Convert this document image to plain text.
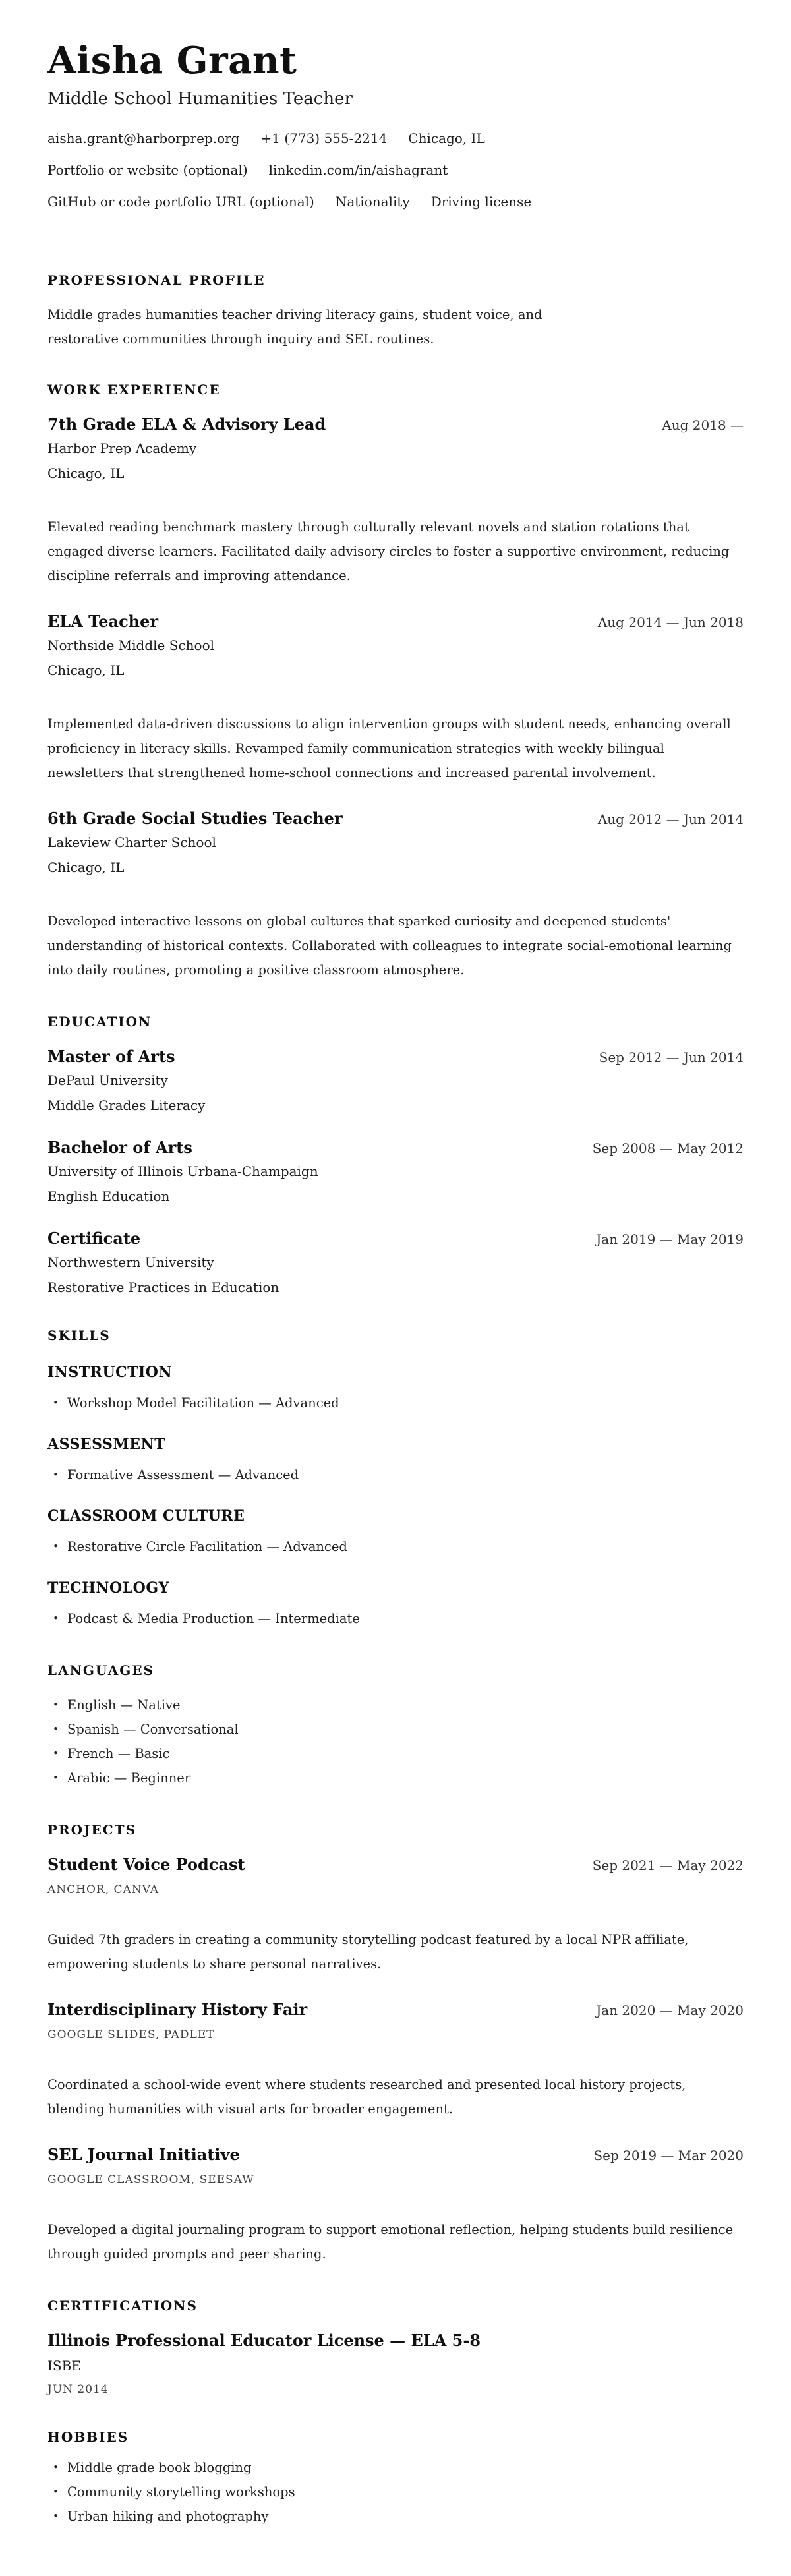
Aisha Grant
Middle School Humanities Teacher
aisha.grant@harborprep.org +1 (773) 555-2214 Chicago, IL
Portfolio or website (optional) linkedin.com/in/aishagrant
GitHub or code portfolio URL (optional) Nationality Driving license
PROFESSIONAL PROFILE

Middle grades humanities teacher driving literacy gains, student voice, and restorative communities through inquiry and SEL routines.

WORK EXPERIENCE
7th Grade ELA & Advisory Lead	Aug 2018 —
Harbor Prep Academy
Chicago, IL

Elevated reading benchmark mastery through culturally relevant novels and station rotations that engaged diverse learners. Facilitated daily advisory circles to foster a supportive environment, reducing discipline referrals and improving attendance.

ELA Teacher	Aug 2014 — Jun 2018
Northside Middle School
Chicago, IL

Implemented data-driven discussions to align intervention groups with student needs, enhancing overall proficiency in literacy skills. Revamped family communication strategies with weekly bilingual newsletters that strengthened home-school connections and increased parental involvement.

6th Grade Social Studies Teacher	Aug 2012 — Jun 2014
Lakeview Charter School
Chicago, IL

Developed interactive lessons on global cultures that sparked curiosity and deepened students' understanding of historical contexts. Collaborated with colleagues to integrate social-emotional learning into daily routines, promoting a positive classroom atmosphere.

EDUCATION
Master of Arts	Sep 2012 — Jun 2014
DePaul University
Middle Grades Literacy
Bachelor of Arts	Sep 2008 — May 2012
University of Illinois Urbana-Champaign
English Education
Certificate	Jan 2019 — May 2019
Northwestern University
Restorative Practices in Education
SKILLS
INSTRUCTION
• Workshop Model Facilitation — Advanced
ASSESSMENT
• Formative Assessment — Advanced
CLASSROOM CULTURE
• Restorative Circle Facilitation — Advanced
TECHNOLOGY
• Podcast & Media Production — Intermediate
LANGUAGES
• English — Native
• Spanish — Conversational
• French — Basic
• Arabic — Beginner
PROJECTS
Student Voice Podcast	Sep 2021 — May 2022
ANCHOR, CANVA

Guided 7th graders in creating a community storytelling podcast featured by a local NPR affiliate, empowering students to share personal narratives.

Interdisciplinary History Fair	Jan 2020 — May 2020
GOOGLE SLIDES, PADLET

Coordinated a school-wide event where students researched and presented local history projects, blending humanities with visual arts for broader engagement.

SEL Journal Initiative	Sep 2019 — Mar 2020
GOOGLE CLASSROOM, SEESAW

Developed a digital journaling program to support emotional reflection, helping students build resilience through guided prompts and peer sharing.

CERTIFICATIONS
Illinois Professional Educator License — ELA 5-8
ISBE
JUN 2014
HOBBIES
• Middle grade book blogging
• Community storytelling workshops
• Urban hiking and photography
